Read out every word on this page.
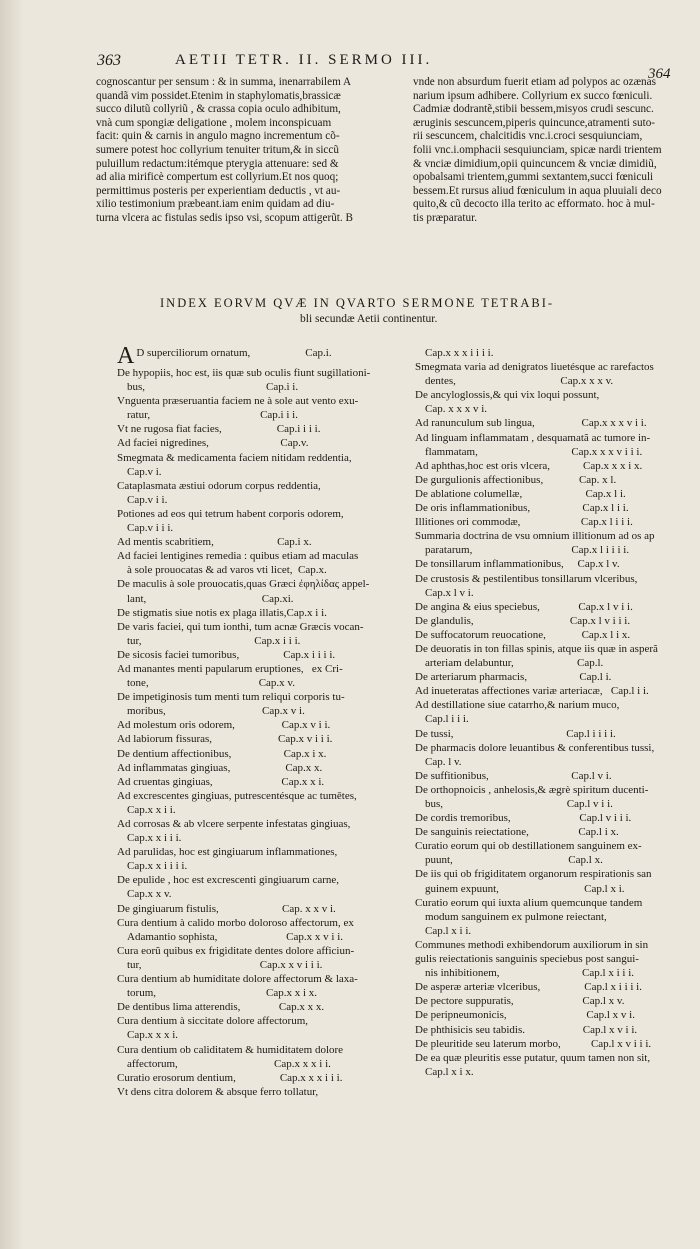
363	AETII TETR. II. SERMO III.
364
cognoscantur per sensum : & in summa, inenarrabilem A
quandã vim possidet.Etenim in staphylomatis,brassicæ
succo dilutũ collyriũ , & crassa copia oculo adhibitum,
vnà cum spongiæ deligatione , molem inconspicuam
facit: quin & carnis in angulo magno incrementum cõ-
sumere potest hoc collyrium tenuiter tritum,& in siccũ
puluillum redactum:itémque pterygia attenuare: sed &
ad alia mirificè compertum est collyrium.Et nos quoq;
permittimus posteris per experientiam deductis , vt au-
xilio testimonium præbeant.iam enim quidam ad diu-
turna vlcera ac fistulas sedis ipso vsi, scopum attigerũt. B
vnde non absurdum fuerit etiam ad polypos ac ozænas
narium ipsum adhibere. Collyrium ex succo fœniculi.
Cadmiæ dodrantẽ,stibii bessem,misyos crudi sescunc.
æruginis sescuncem,piperis quincunce,atramenti suto-
rii sescuncem, chalcitidis vnc.i.croci sesquiunciam,
folii vnc.i.omphacii sesquiunciam, spicæ nardi trientem
& vnciæ dimidium,opii quincuncem & vnciæ dimidiũ,
opobalsami trientem,gummi sextantem,succi fœniculi
bessem.Et rursus aliud fœniculum in aqua pluuiali deco
quito,& cũ decocto illa terito ac efformato. hoc à mul-
tis præparatur.
INDEX EORVM QVÆ IN QVARTO SERMONE TETRABI-
bli secundæ Aetii continentur.
A D superciliorum ornatum,                    Cap.i.
De hypopiis, hoc est, iis quæ sub oculis fiunt sugillationi-
bus,                                            Cap.i i.
Vnguenta præseruantia faciem ne à sole aut vento exu-
ratur,                                        Cap.i i i.
Vt ne rugosa fiat facies,                    Cap.i i i i.
Ad faciei nigredines,                          Cap.v.
Smegmata & medicamenta faciem nitidam reddentia,
Cap.v i.
Cataplasmata æstiui odorum corpus reddentia,
Cap.v i i.
Potiones ad eos qui tetrum habent corporis odorem,
Cap.v i i i.
Ad mentis scabritiem,                       Cap.i x.
Ad faciei lentigines remedia : quibus etiam ad maculas
à sole prouocatas & ad varos vti licet,  Cap.x.
De maculis à sole prouocatis,quas Græci ἐφηλίδας appel-
lant,                                          Cap.xi.
De stigmatis siue notis ex plaga illatis,Cap.x i i.
De varis faciei, qui tum ionthi, tum acnæ Græcis vocan-
tur,                                         Cap.x i i i.
De sicosis faciei tumoribus,                Cap.x i i i i.
Ad manantes menti papularum eruptiones,   ex Cri-
tone,                                        Cap.x v.
De impetiginosis tum menti tum reliqui corporis tu-
moribus,                                   Cap.x v i.
Ad molestum oris odorem,                 Cap.x v i i.
Ad labiorum fissuras,                        Cap.x v i i i.
De dentium affectionibus,                   Cap.x i x.
Ad inflammatas gingiuas,                    Cap.x x.
Ad cruentas gingiuas,                         Cap.x x i.
Ad excrescentes gingiuas, putrescentésque ac tumētes,
Cap.x x i i.
Ad corrosas & ab vlcere serpente infestatas gingiuas,
Cap.x x i i i.
Ad parulidas, hoc est gingiuarum inflammationes,
Cap.x x i i i i.
De epulide , hoc est excrescenti gingiuarum carne,
Cap.x x v.
De gingiuarum fistulis,                       Cap. x x v i.
Cura dentium à calido morbo doloroso affectorum, ex
Adamantio sophista,                         Cap.x x v i i.
Cura eorũ quibus ex frigiditate dentes dolore afficiun-
tur,                                           Cap.x x v i i i.
Cura dentium ab humiditate dolore affectorum & laxa-
torum,                                        Cap.x x i x.
De dentibus lima atterendis,              Cap.x x x.
Cura dentium à siccitate dolore affectorum,
Cap.x x x i.
Cura dentium ob caliditatem & humiditatem dolore
affectorum,                                   Cap.x x x i i.
Curatio erosorum dentium,                Cap.x x x i i i.
Vt dens citra dolorem & absque ferro tollatur,
Cap.x x x i i i i.
Smegmata varia ad denigratos liuetésque ac rarefactos
dentes,                                      Cap.x x x v.
De ancyloglossis,& qui vix loqui possunt,
Cap. x x x v i.
Ad ranunculum sub lingua,                 Cap.x x x v i i.
Ad linguam inflammatam , desquamatã ac tumore in-
flammatam,                                  Cap.x x x v i i i.
Ad aphthas,hoc est oris vlcera,            Cap.x x x i x.
De gurgulionis affectionibus,             Cap. x l.
De ablatione columellæ,                       Cap.x l i.
De oris inflammationibus,                   Cap.x l i i.
Illitiones ori commodæ,                      Cap.x l i i i.
Summaria doctrina de vsu omnium illitionum ad os ap
paratarum,                                    Cap.x l i i i i.
De tonsillarum inflammationibus,     Cap.x l v.
De crustosis & pestilentibus tonsillarum vlceribus,
Cap.x l v i.
De angina & eius speciebus,              Cap.x l v i i.
De glandulis,                                   Cap.x l v i i i.
De suffocatorum reuocatione,             Cap.x l i x.
De deuoratis in ton fillas spinis, atque iis quæ in asperã
arteriam delabuntur,                       Cap.l.
De arteriarum pharmacis,                   Cap.l i.
Ad inueteratas affectiones variæ arteriacæ,   Cap.l i i.
Ad destillatione siue catarrho,& narium muco,
Cap.l i i i.
De tussi,                                         Cap.l i i i i.
De pharmacis dolore leuantibus & conferentibus tussi,
Cap. l v.
De suffitionibus,                              Cap.l v i.
De orthopnoicis , anhelosis,& ægrè spiritum ducenti-
bus,                                             Cap.l v i i.
De cordis tremoribus,                         Cap.l v i i i.
De sanguinis reiectatione,                  Cap.l i x.
Curatio eorum qui ob destillationem sanguinem ex-
puunt,                                          Cap.l x.
De iis qui ob frigiditatem organorum respirationis san
guinem expuunt,                               Cap.l x i.
Curatio eorum qui iuxta alium quemcunque tandem
modum sanguinem ex pulmone reiectant,
Cap.l x i i.
Communes methodi exhibendorum auxiliorum in sin
gulis reiectationis sanguinis speciebus post sangui-
nis inhibitionem,                              Cap.l x i i i.
De asperæ arteriæ vlceribus,                Cap.l x i i i i.
De pectore suppuratis,                         Cap.l x v.
De peripneumonicis,                             Cap.l x v i.
De phthisicis seu tabidis.                     Cap.l x v i i.
De pleuritide seu laterum morbo,           Cap.l x v i i i.
De ea quæ pleuritis esse putatur, quum tamen non sit,
Cap.l x i x.
